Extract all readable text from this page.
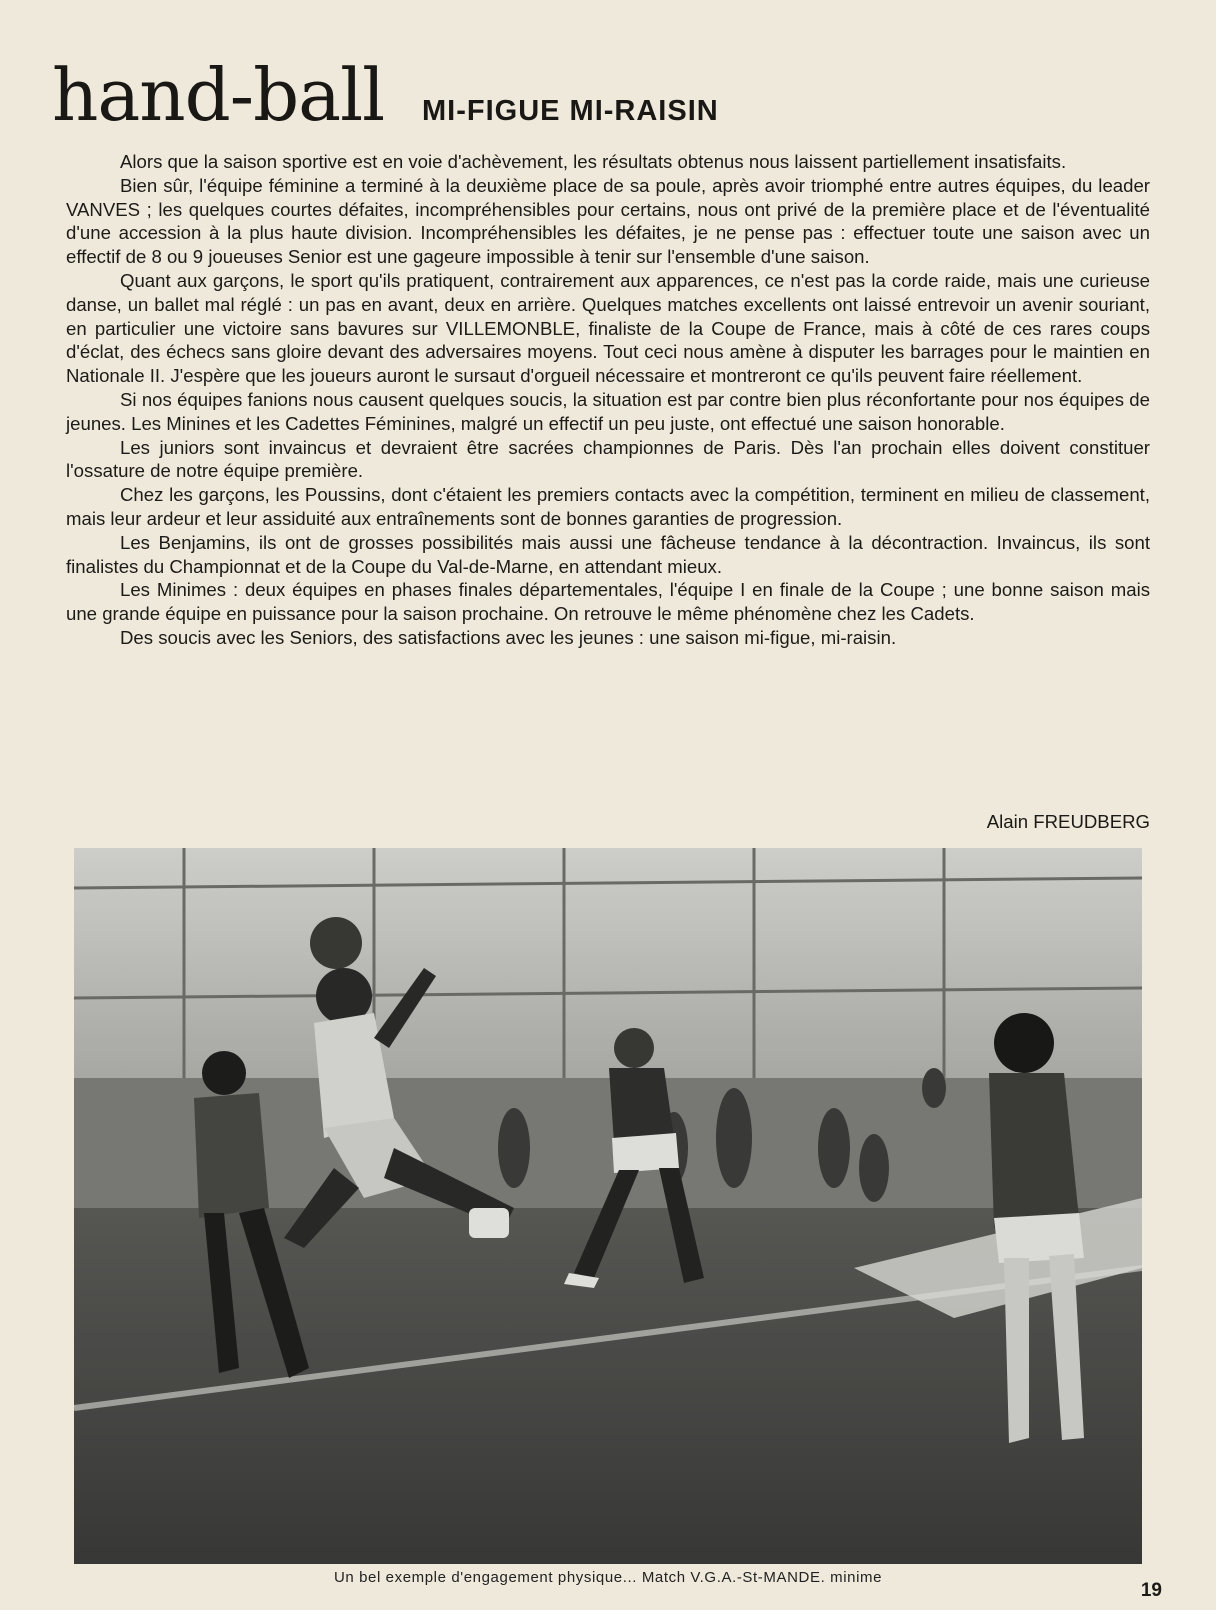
hand-ball MI-FIGUE MI-RAISIN

Alors que la saison sportive est en voie d'achèvement, les résultats obtenus nous laissent partiellement insatisfaits.

Bien sûr, l'équipe féminine a terminé à la deuxième place de sa poule, après avoir triomphé entre autres équipes, du leader VANVES ; les quelques courtes défaites, incompréhensibles pour certains, nous ont privé de la première place et de l'éventualité d'une accession à la plus haute division. Incompréhensibles les défaites, je ne pense pas : effectuer toute une saison avec un effectif de 8 ou 9 joueuses Senior est une gageure impossible à tenir sur l'ensemble d'une saison.

Quant aux garçons, le sport qu'ils pratiquent, contrairement aux apparences, ce n'est pas la corde raide, mais une curieuse danse, un ballet mal réglé : un pas en avant, deux en arrière. Quelques matches excellents ont laissé entrevoir un avenir souriant, en particulier une victoire sans bavures sur VILLEMONBLE, finaliste de la Coupe de France, mais à côté de ces rares coups d'éclat, des échecs sans gloire devant des adversaires moyens. Tout ceci nous amène à disputer les barrages pour le maintien en Nationale II. J'espère que les joueurs auront le sursaut d'orgueil nécessaire et montreront ce qu'ils peuvent faire réellement.

Si nos équipes fanions nous causent quelques soucis, la situation est par contre bien plus réconfortante pour nos équipes de jeunes. Les Minines et les Cadettes Féminines, malgré un effectif un peu juste, ont effectué une saison honorable.

Les juniors sont invaincus et devraient être sacrées championnes de Paris. Dès l'an prochain elles doivent constituer l'ossature de notre équipe première.

Chez les garçons, les Poussins, dont c'étaient les premiers contacts avec la compétition, terminent en milieu de classement, mais leur ardeur et leur assiduité aux entraînements sont de bonnes garanties de progression.

Les Benjamins, ils ont de grosses possibilités mais aussi une fâcheuse tendance à la décontraction. Invaincus, ils sont finalistes du Championnat et de la Coupe du Val-de-Marne, en attendant mieux.

Les Minimes : deux équipes en phases finales départementales, l'équipe I en finale de la Coupe ; une bonne saison mais une grande équipe en puissance pour la saison prochaine. On retrouve le même phénomène chez les Cadets.

Des soucis avec les Seniors, des satisfactions avec les jeunes : une saison mi-figue, mi-raisin.

Alain FREUDBERG
Un bel exemple d'engagement physique... Match V.G.A.-St-MANDE. minime
19
